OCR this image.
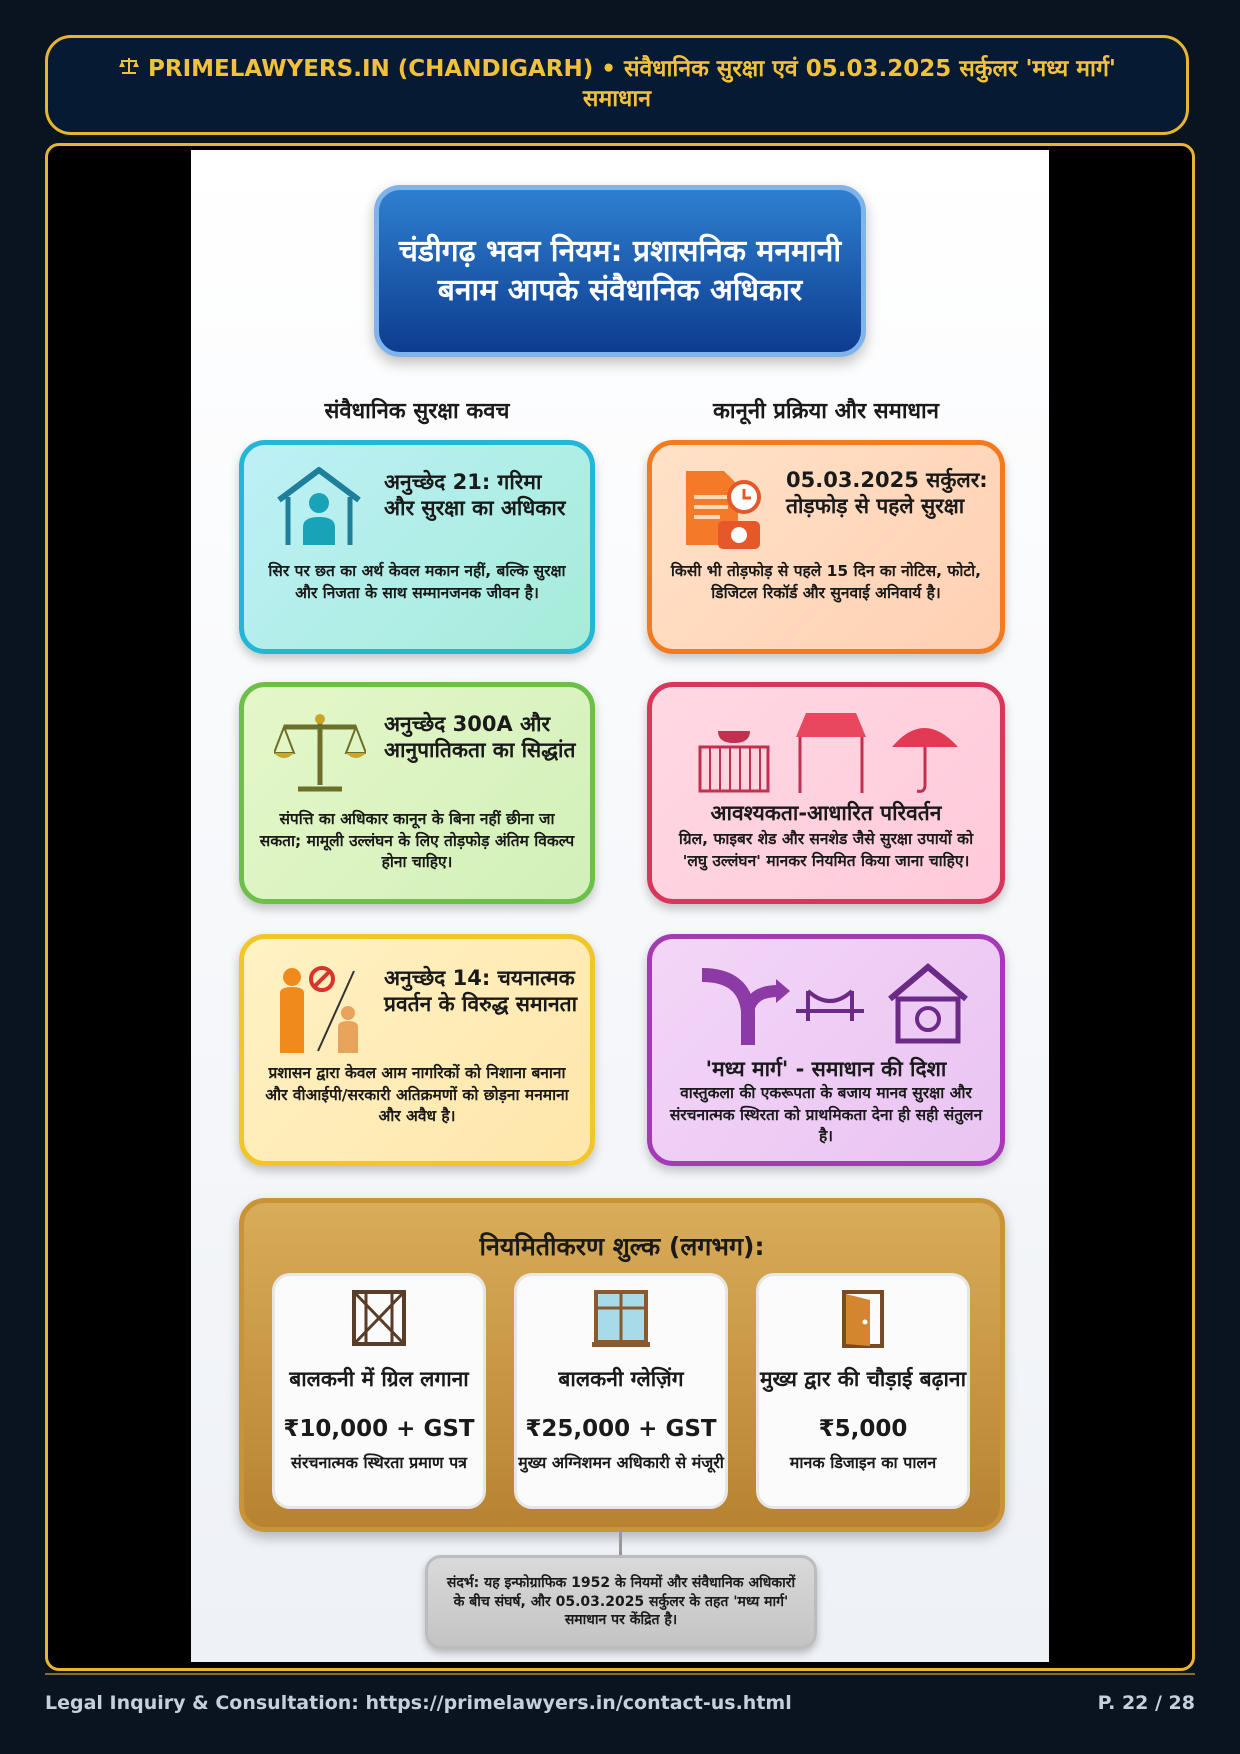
PRIMELAWYERS.IN (CHANDIGARH) • संवैधानिक सुरक्षा एवं 05.03.2025 सर्कुलर 'मध्य मार्ग' समाधान
चंडीगढ़ भवन नियम: प्रशासनिक मनमानी बनाम आपके संवैधानिक अधिकार
संवैधानिक सुरक्षा कवच	कानूनी प्रक्रिया और समाधान
अनुच्छेद 21: गरिमा और सुरक्षा का अधिकार
सिर पर छत का अर्थ केवल मकान नहीं, बल्कि सुरक्षा और निजता के साथ सम्मानजनक जीवन है।
05.03.2025 सर्कुलर: तोड़फोड़ से पहले सुरक्षा
किसी भी तोड़फोड़ से पहले 15 दिन का नोटिस, फोटो, डिजिटल रिकॉर्ड और सुनवाई अनिवार्य है।
अनुच्छेद 300A और आनुपातिकता का सिद्धांत
संपत्ति का अधिकार कानून के बिना नहीं छीना जा सकता; मामूली उल्लंघन के लिए तोड़फोड़ अंतिम विकल्प होना चाहिए।
आवश्यकता-आधारित परिवर्तन
ग्रिल, फाइबर शेड और सनशेड जैसे सुरक्षा उपायों को 'लघु उल्लंघन' मानकर नियमित किया जाना चाहिए।
अनुच्छेद 14: चयनात्मक प्रवर्तन के विरुद्ध समानता
प्रशासन द्वारा केवल आम नागरिकों को निशाना बनाना और वीआईपी/सरकारी अतिक्रमणों को छोड़ना मनमाना और अवैध है।
'मध्य मार्ग' - समाधान की दिशा
वास्तुकला की एकरूपता के बजाय मानव सुरक्षा और संरचनात्मक स्थिरता को प्राथमिकता देना ही सही संतुलन है।
नियमितीकरण शुल्क (लगभग):
बालकनी में ग्रिल लगाना
₹10,000 + GST
संरचनात्मक स्थिरता प्रमाण पत्र
बालकनी ग्लेज़िंग
₹25,000 + GST
मुख्य अग्निशमन अधिकारी से मंजूरी
मुख्य द्वार की चौड़ाई बढ़ाना
₹5,000
मानक डिजाइन का पालन
संदर्भ: यह इन्फोग्राफिक 1952 के नियमों और संवैधानिक अधिकारों के बीच संघर्ष, और 05.03.2025 सर्कुलर के तहत 'मध्य मार्ग' समाधान पर केंद्रित है।
Legal Inquiry & Consultation: https://primelawyers.in/contact-us.html	P. 22 / 28
